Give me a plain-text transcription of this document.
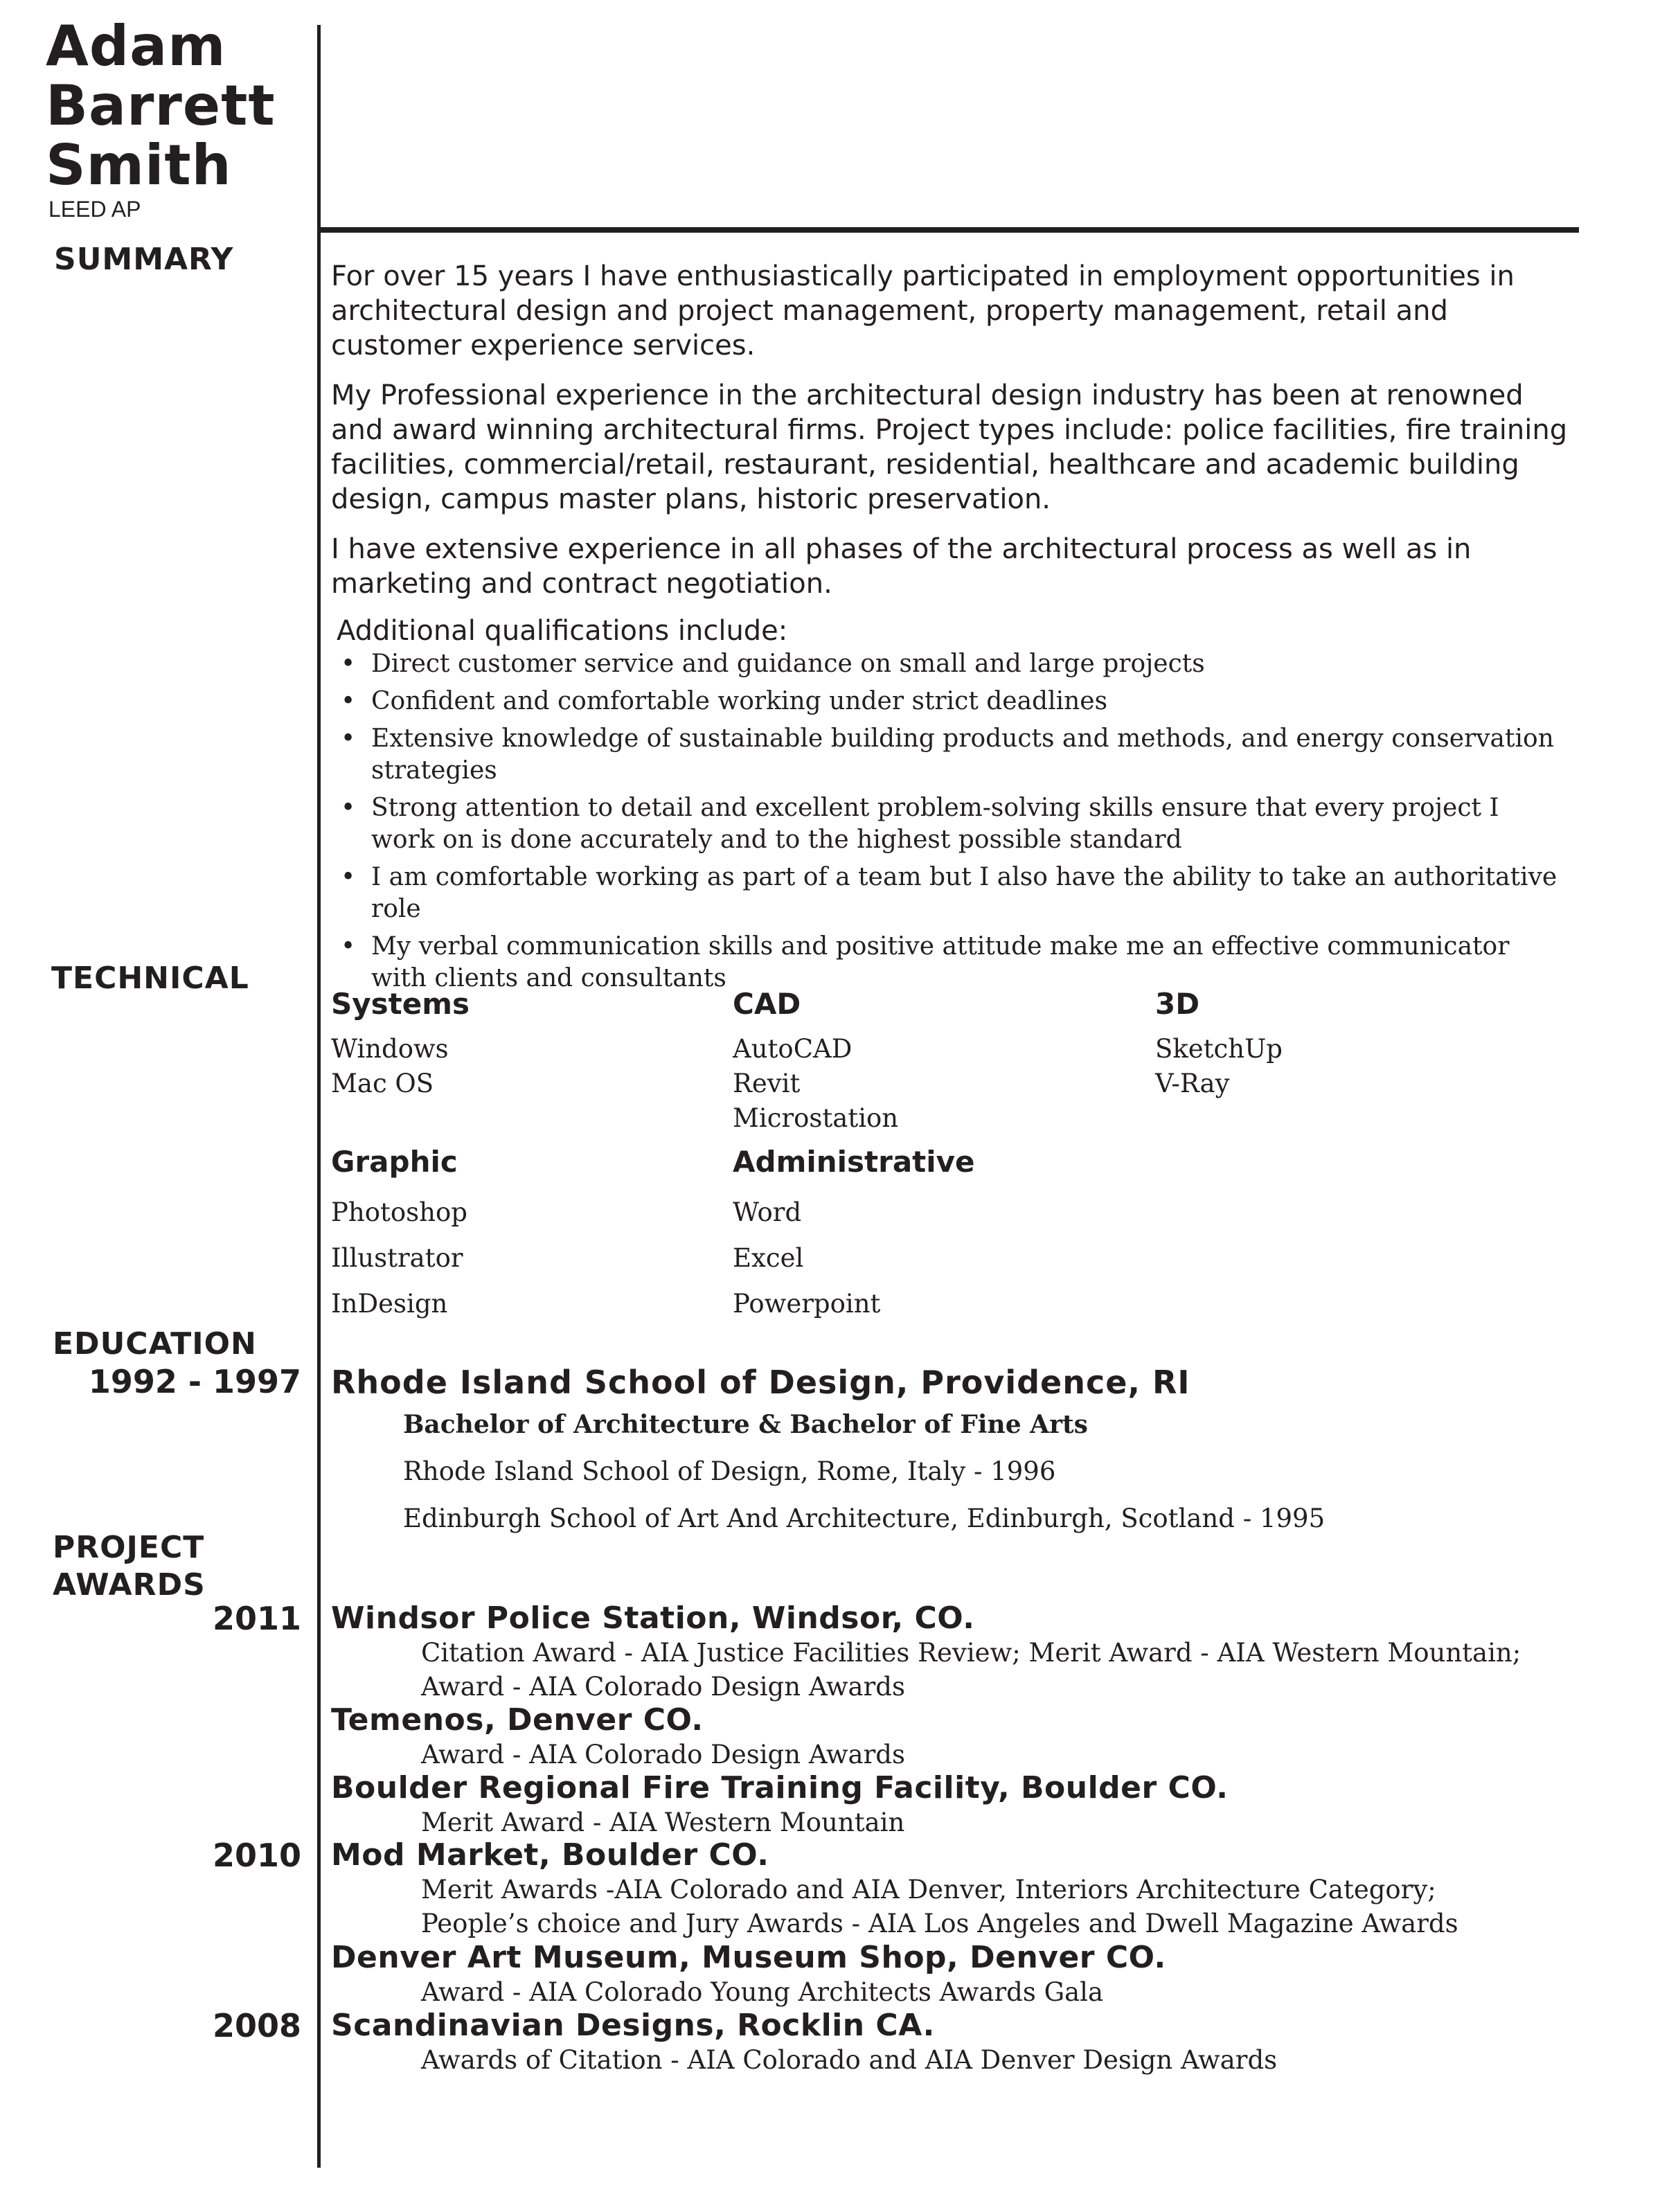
Adam
Barrett
Smith
LEED AP
SUMMARY
TECHNICAL
EDUCATION
PROJECT
AWARDS

For over 15 years I have enthusiastically participated in employment opportunities in architectural design and project management, property management, retail and customer experience services.

My Professional experience in the architectural design industry has been at renowned and award winning architectural firms. Project types include: police facilities, fire training facilities, commercial/retail, restaurant, residential, healthcare and academic building design, campus master plans, historic preservation.

I have extensive experience in all phases of the architectural process as well as in marketing and contract negotiation.

Additional qualifications include:
• Direct customer service and guidance on small and large projects
• Confident and comfortable working under strict deadlines
• Extensive knowledge of sustainable building products and methods, and energy conservation strategies
• Strong attention to detail and excellent problem-solving skills ensure that every project I work on is done accurately and to the highest possible standard
• I am comfortable working as part of a team but I also have the ability to take an authoritative role
• My verbal communication skills and positive attitude make me an effective communicator with clients and consultants
Systems
Windows
Mac OS
CAD
AutoCAD
Revit
Microstation
3D
SketchUp
V-Ray
Graphic
Photoshop
Illustrator
InDesign
Administrative
Word
Excel
Powerpoint
1992 - 1997 Rhode Island School of Design, Providence, RI
Bachelor of Architecture & Bachelor of Fine Arts
Rhode Island School of Design, Rome, Italy - 1996
Edinburgh School of Art And Architecture, Edinburgh, Scotland - 1995
2011
2010
2008
Windsor Police Station, Windsor, CO.
Citation Award - AIA Justice Facilities Review; Merit Award - AIA Western Mountain;
Award - AIA Colorado Design Awards
Temenos, Denver CO.
Award - AIA Colorado Design Awards
Boulder Regional Fire Training Facility, Boulder CO.
Merit Award - AIA Western Mountain
Mod Market, Boulder CO.
Merit Awards -AIA Colorado and AIA Denver, Interiors Architecture Category;
People’s choice and Jury Awards - AIA Los Angeles and Dwell Magazine Awards
Denver Art Museum, Museum Shop, Denver CO.
Award - AIA Colorado Young Architects Awards Gala
Scandinavian Designs, Rocklin CA.
Awards of Citation - AIA Colorado and AIA Denver Design Awards
